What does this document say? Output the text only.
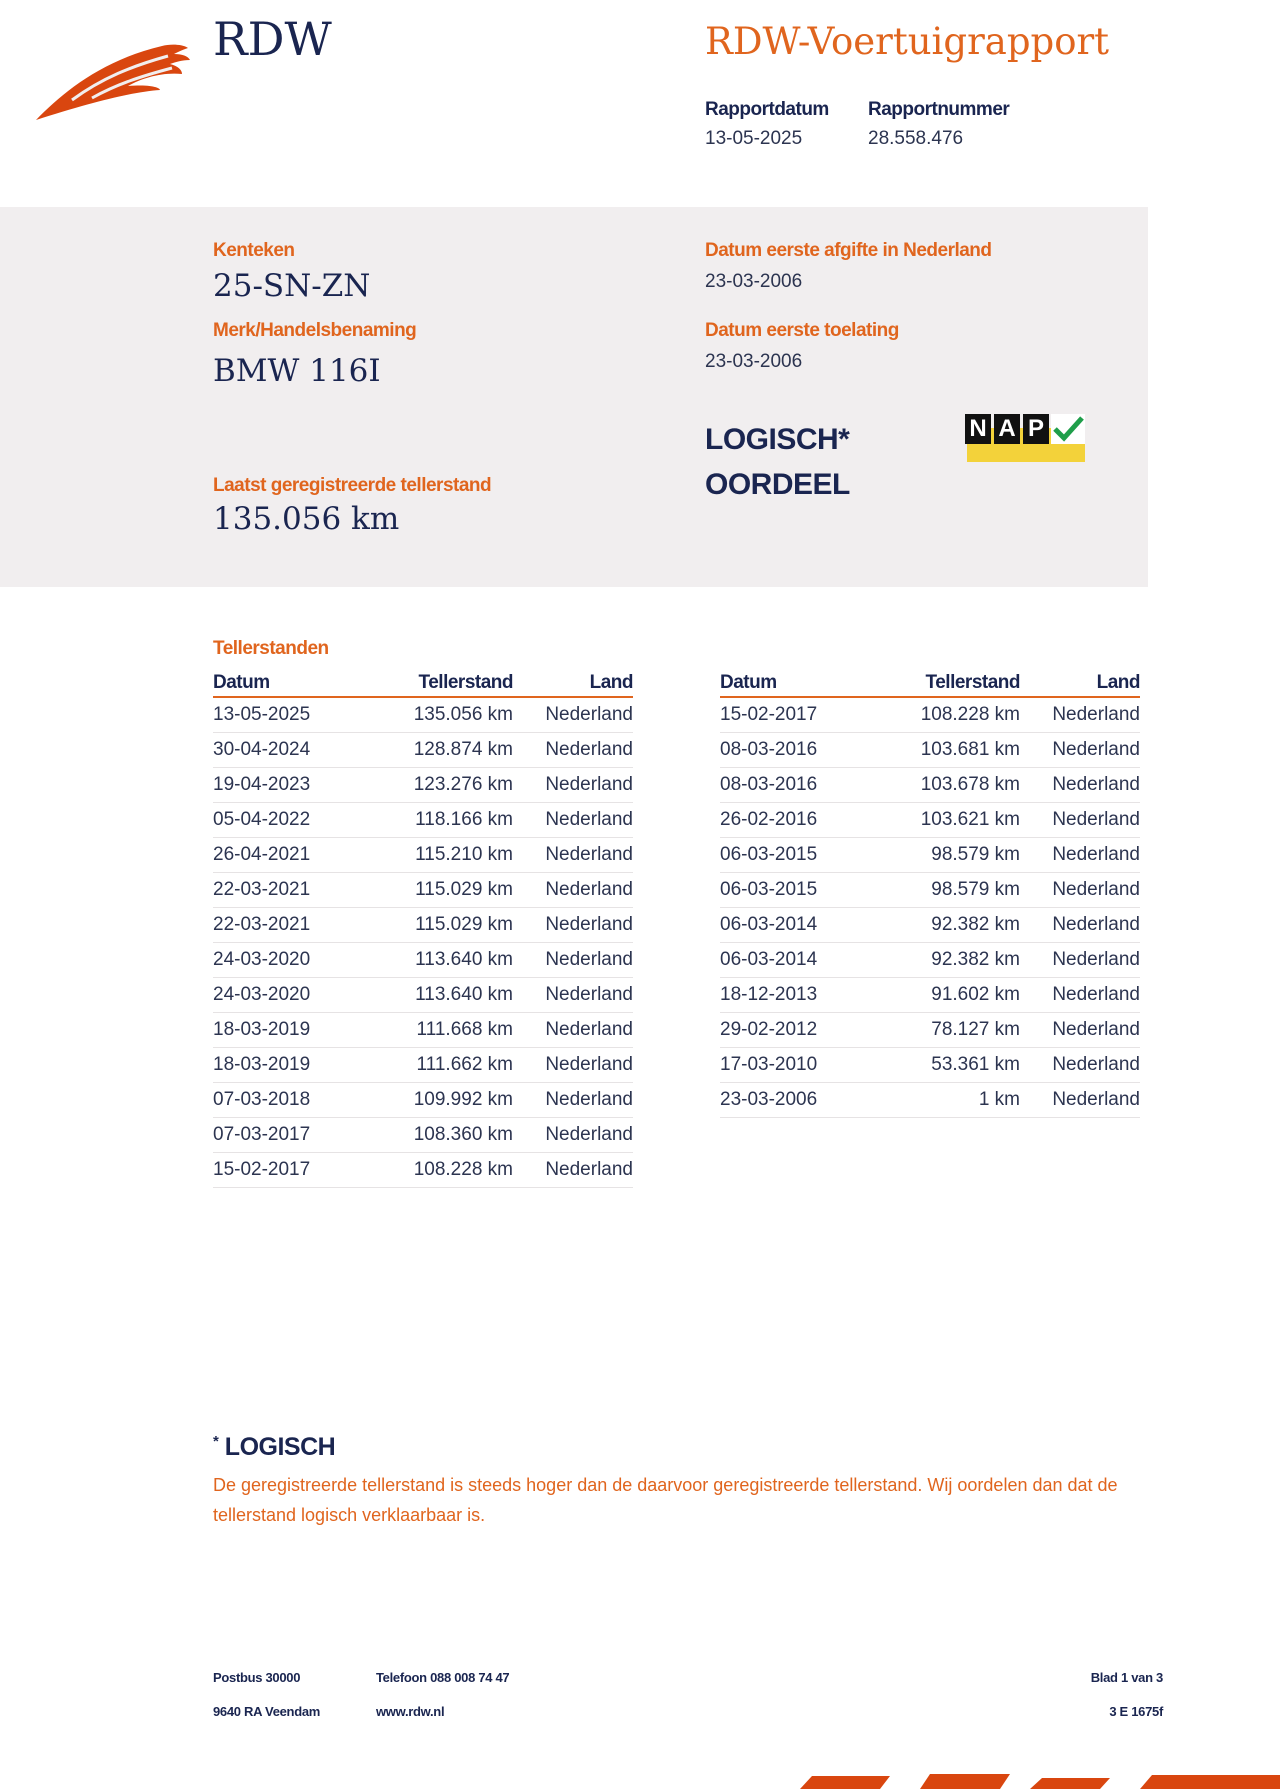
RDW	RDW-Voertuigrapport
Rapportdatum
13-05-2025
Rapportnummer
28.558.476
Kenteken
25-SN-ZN
Merk/Handelsbenaming
BMW 116I
Laatst geregistreerde tellerstand
135.056 km
Datum eerste afgifte in Nederland
23-03-2006
Datum eerste toelating
23-03-2006
LOGISCH*
OORDEEL
N A P
Tellerstanden
Datum	Tellerstand	Land
13-05-2025	135.056 km	Nederland
30-04-2024	128.874 km	Nederland
19-04-2023	123.276 km	Nederland
05-04-2022	118.166 km	Nederland
26-04-2021	115.210 km	Nederland
22-03-2021	115.029 km	Nederland
22-03-2021	115.029 km	Nederland
24-03-2020	113.640 km	Nederland
24-03-2020	113.640 km	Nederland
18-03-2019	111.668 km	Nederland
18-03-2019	111.662 km	Nederland
07-03-2018	109.992 km	Nederland
07-03-2017	108.360 km	Nederland
15-02-2017	108.228 km	Nederland
Datum	Tellerstand	Land
15-02-2017	108.228 km	Nederland
08-03-2016	103.681 km	Nederland
08-03-2016	103.678 km	Nederland
26-02-2016	103.621 km	Nederland
06-03-2015	98.579 km	Nederland
06-03-2015	98.579 km	Nederland
06-03-2014	92.382 km	Nederland
06-03-2014	92.382 km	Nederland
18-12-2013	91.602 km	Nederland
29-02-2012	78.127 km	Nederland
17-03-2010	53.361 km	Nederland
23-03-2006	1 km	Nederland
* LOGISCH
De geregistreerde tellerstand is steeds hoger dan de daarvoor geregistreerde tellerstand. Wij oordelen dan dat de tellerstand logisch verklaarbaar is.
Postbus 30000	Telefoon 088 008 74 47	Blad 1 van 3
9640 RA Veendam	www.rdw.nl	3 E 1675f
